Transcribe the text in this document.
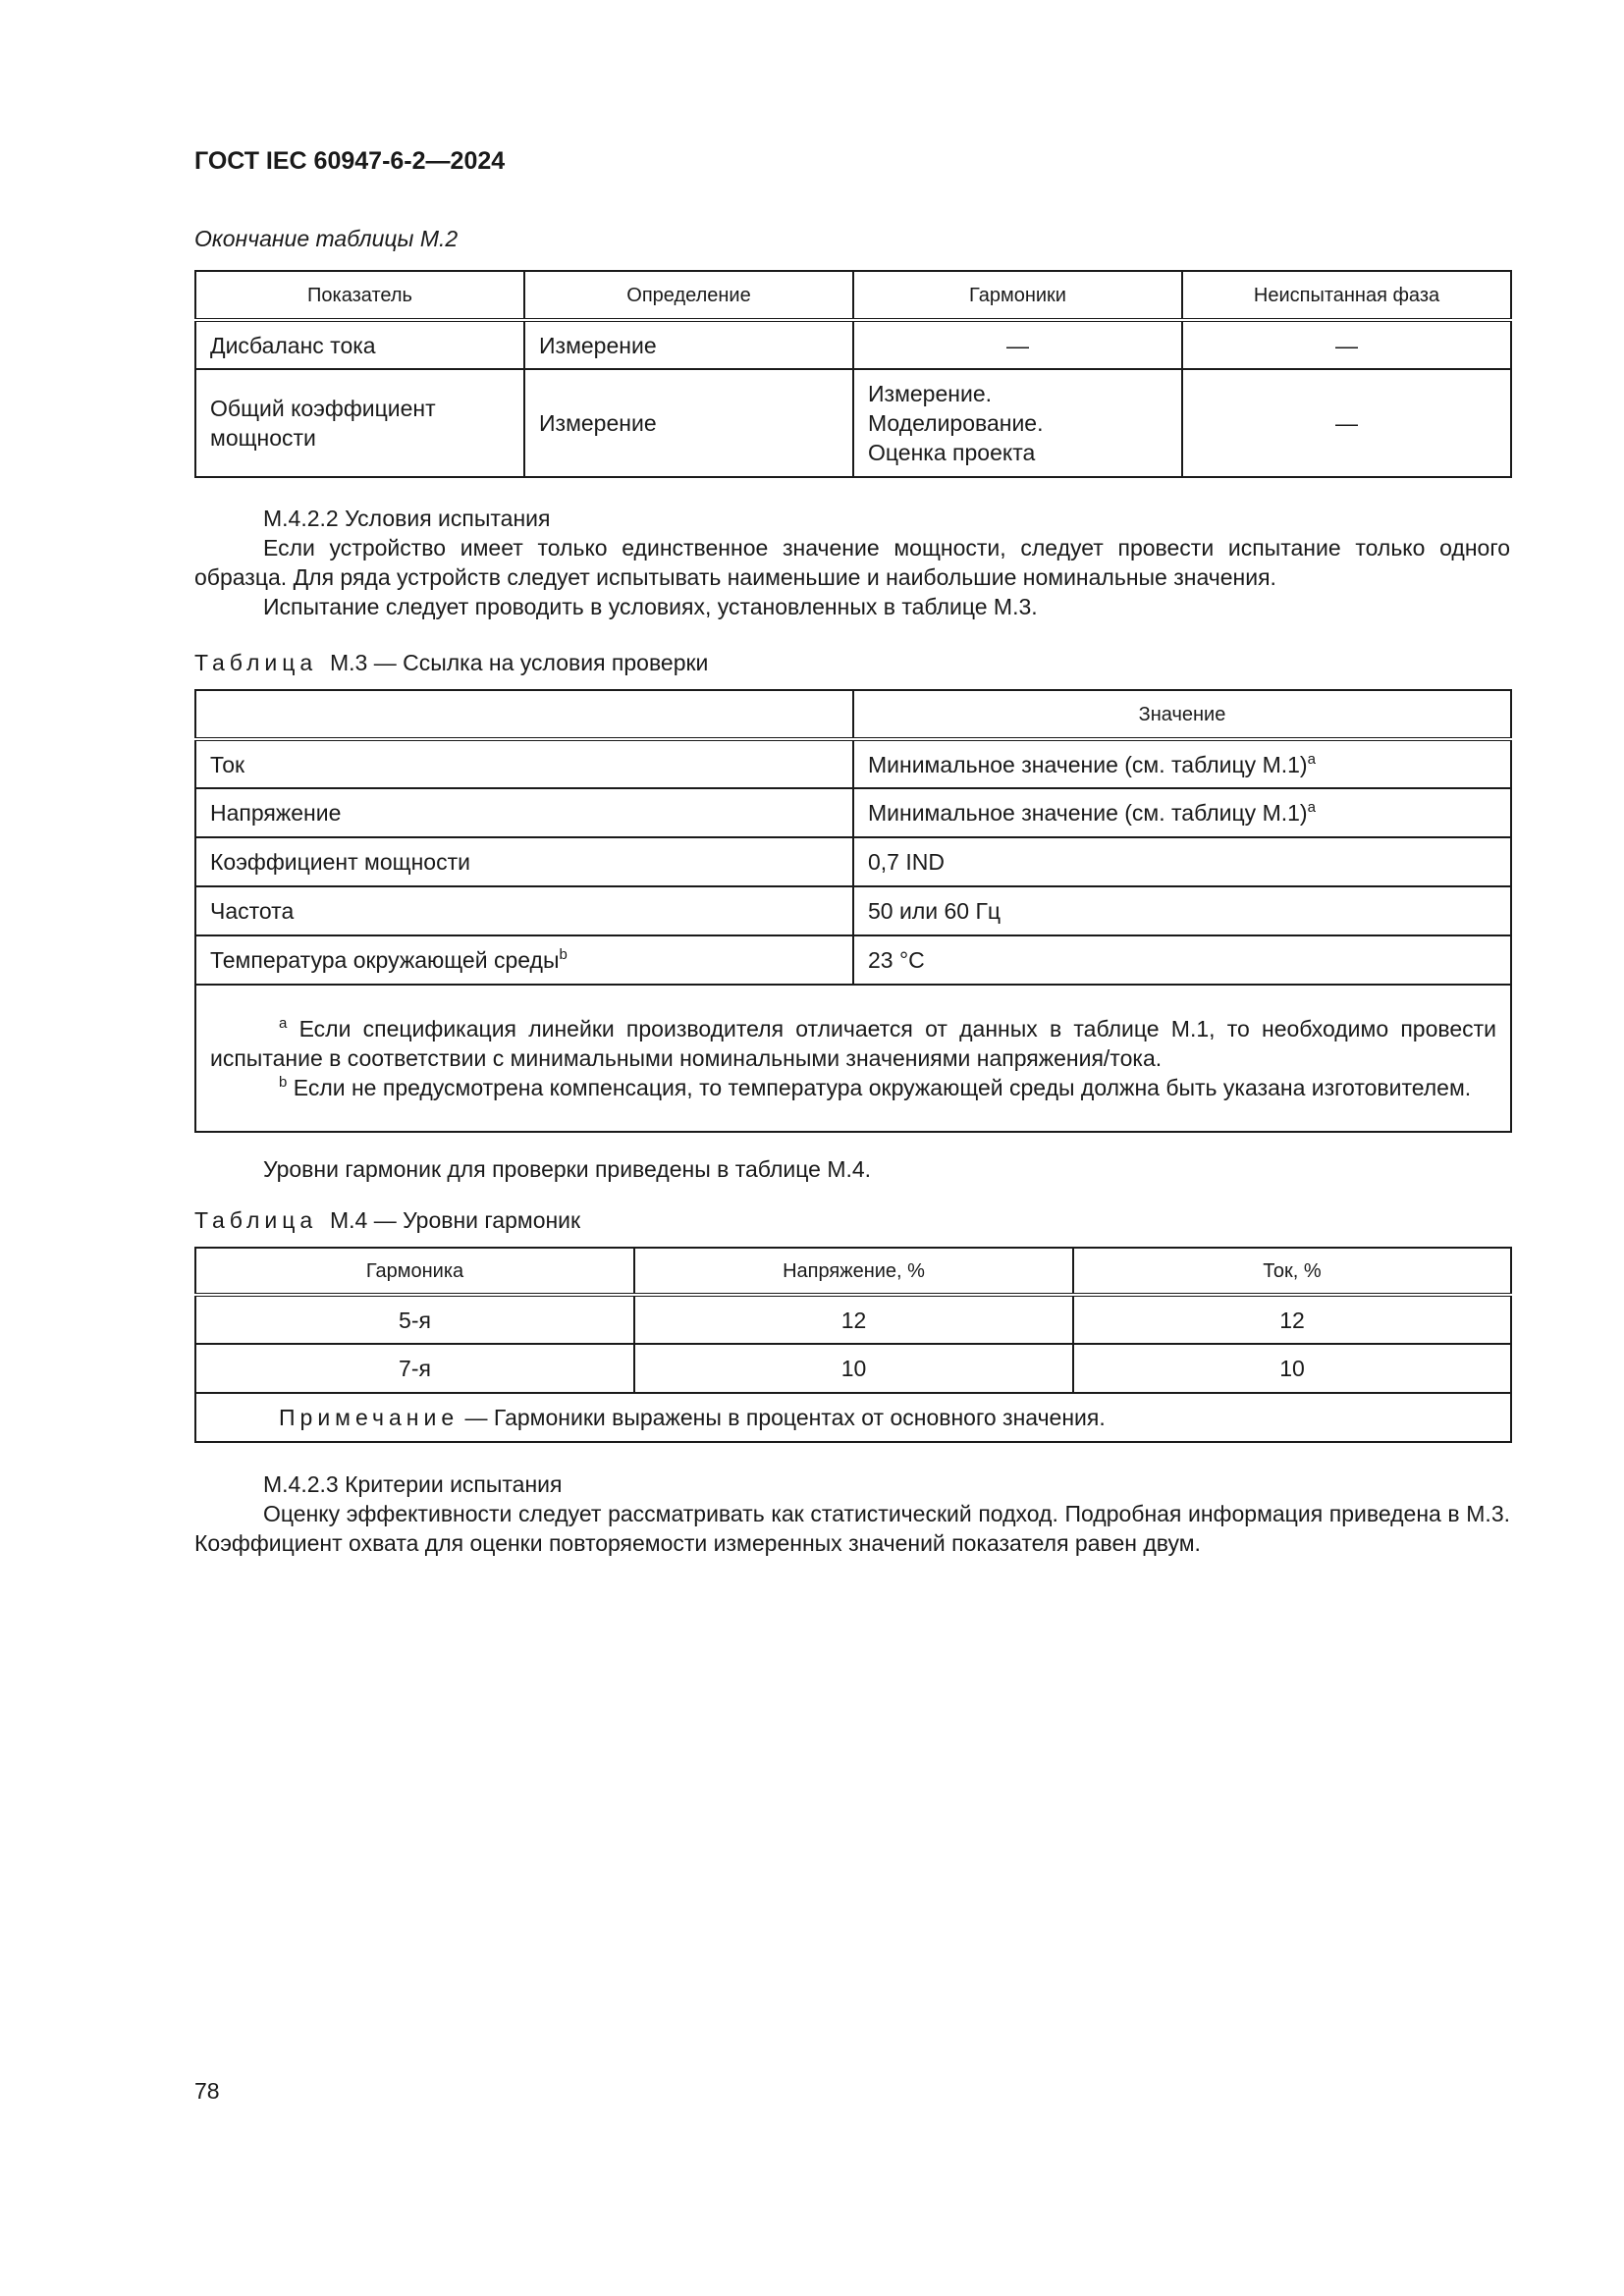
ГОСТ IEC 60947-6-2—2024
Окончание таблицы М.2
Показатель	Определение	Гармоники	Неиспытанная фаза
Дисбаланс тока	Измерение	—	—
Общий коэффициент мощности	Измерение	Измерение.
Моделирование.
Оценка проекта	—
М.4.2.2 Условия испытания
Если устройство имеет только единственное значение мощности, следует провести испытание только одного образца. Для ряда устройств следует испытывать наименьшие и наибольшие номинальные значения.
Испытание следует проводить в условиях, установленных в таблице М.3.
Таблица М.3 — Ссылка на условия проверки
	Значение
Ток	Минимальное значение (см. таблицу М.1)$^a$
Напряжение	Минимальное значение (см. таблицу М.1)$^a$
Коэффициент мощности	0,7 IND
Частота	50 или 60 Гц
Температура окружающей среды$^b$	23 °C

$^a$ Если спецификация линейки производителя отличается от данных в таблице М.1, то необходимо провести испытание в соответствии с минимальными номинальными значениями напряжения/тока.

$^b$ Если не предусмотрена компенсация, то температура окружающей среды должна быть указана изготовителем.	

Уровни гармоник для проверки приведены в таблице М.4.
Таблица М.4 — Уровни гармоник
Гармоника	Напряжение, %	Ток, %
5-я	12	12
7-я	10	10
Примечание — Гармоники выражены в процентах от основного значения.		
М.4.2.3 Критерии испытания
Оценку эффективности следует рассматривать как статистический подход. Подробная информация приведена в М.3. Коэффициент охвата для оценки повторяемости измеренных значений показателя равен двум.
78
